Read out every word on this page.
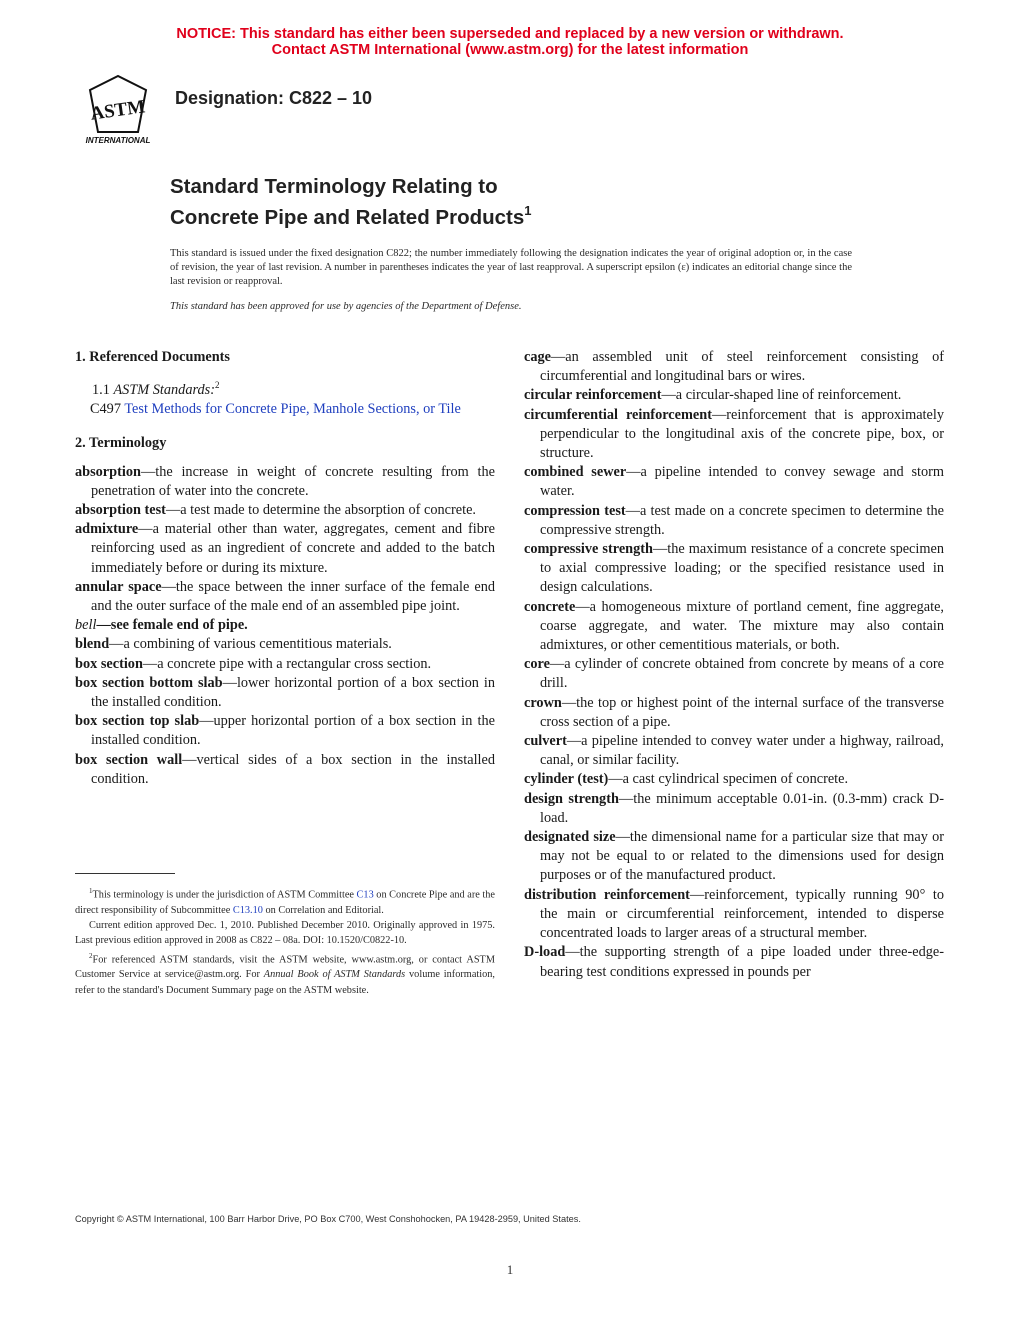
NOTICE: This standard has either been superseded and replaced by a new version or withdrawn.
Contact ASTM International (www.astm.org) for the latest information
ASTM
INTERNATIONAL
Designation: C822 – 10
Standard Terminology Relating to
Concrete Pipe and Related Products$^1$
This standard is issued under the fixed designation C822; the number immediately following the designation indicates the year of original adoption or, in the case of revision, the year of last revision. A number in parentheses indicates the year of last reapproval. A superscript epsilon (ε) indicates an editorial change since the last revision or reapproval.
This standard has been approved for use by agencies of the Department of Defense.
1. Referenced Documents
1.1 ASTM Standards:$^2$
C497 Test Methods for Concrete Pipe, Manhole Sections, or Tile
2. Terminology

absorption—the increase in weight of concrete resulting from the penetration of water into the concrete.

absorption test—a test made to determine the absorption of concrete.

admixture—a material other than water, aggregates, cement and fibre reinforcing used as an ingredient of concrete and added to the batch immediately before or during its mixture.

annular space—the space between the inner surface of the female end and the outer surface of the male end of an assembled pipe joint.

bell—see female end of pipe.

blend—a combining of various cementitious materials.

box section—a concrete pipe with a rectangular cross section.

box section bottom slab—lower horizontal portion of a box section in the installed condition.

box section top slab—upper horizontal portion of a box section in the installed condition.

box section wall—vertical sides of a box section in the installed condition.

cage—an assembled unit of steel reinforcement consisting of circumferential and longitudinal bars or wires.

circular reinforcement—a circular-shaped line of reinforcement.

circumferential reinforcement—reinforcement that is approximately perpendicular to the longitudinal axis of the concrete pipe, box, or structure.

combined sewer—a pipeline intended to convey sewage and storm water.

compression test—a test made on a concrete specimen to determine the compressive strength.

compressive strength—the maximum resistance of a concrete specimen to axial compressive loading; or the specified resistance used in design calculations.

concrete—a homogeneous mixture of portland cement, fine aggregate, coarse aggregate, and water. The mixture may also contain admixtures, or other cementitious materials, or both.

core—a cylinder of concrete obtained from concrete by means of a core drill.

crown—the top or highest point of the internal surface of the transverse cross section of a pipe.

culvert—a pipeline intended to convey water under a highway, railroad, canal, or similar facility.

cylinder (test)—a cast cylindrical specimen of concrete.

design strength—the minimum acceptable 0.01-in. (0.3-mm) crack D-load.

designated size—the dimensional name for a particular size that may or may not be equal to or related to the dimensions used for design purposes or of the manufactured product.

distribution reinforcement—reinforcement, typically running 90° to the main or circumferential reinforcement, intended to disperse concentrated loads to larger areas of a structural member.

D-load—the supporting strength of a pipe loaded under three-edge-bearing test conditions expressed in pounds per

$^1$This terminology is under the jurisdiction of ASTM Committee C13 on Concrete Pipe and are the direct responsibility of Subcommittee C13.10 on Correlation and Editorial.

Current edition approved Dec. 1, 2010. Published December 2010. Originally approved in 1975. Last previous edition approved in 2008 as C822 – 08a. DOI: 10.1520/C0822-10.

$^2$For referenced ASTM standards, visit the ASTM website, www.astm.org, or contact ASTM Customer Service at service@astm.org. For Annual Book of ASTM Standards volume information, refer to the standard's Document Summary page on the ASTM website.

Copyright © ASTM International, 100 Barr Harbor Drive, PO Box C700, West Conshohocken, PA 19428-2959, United States.
1
